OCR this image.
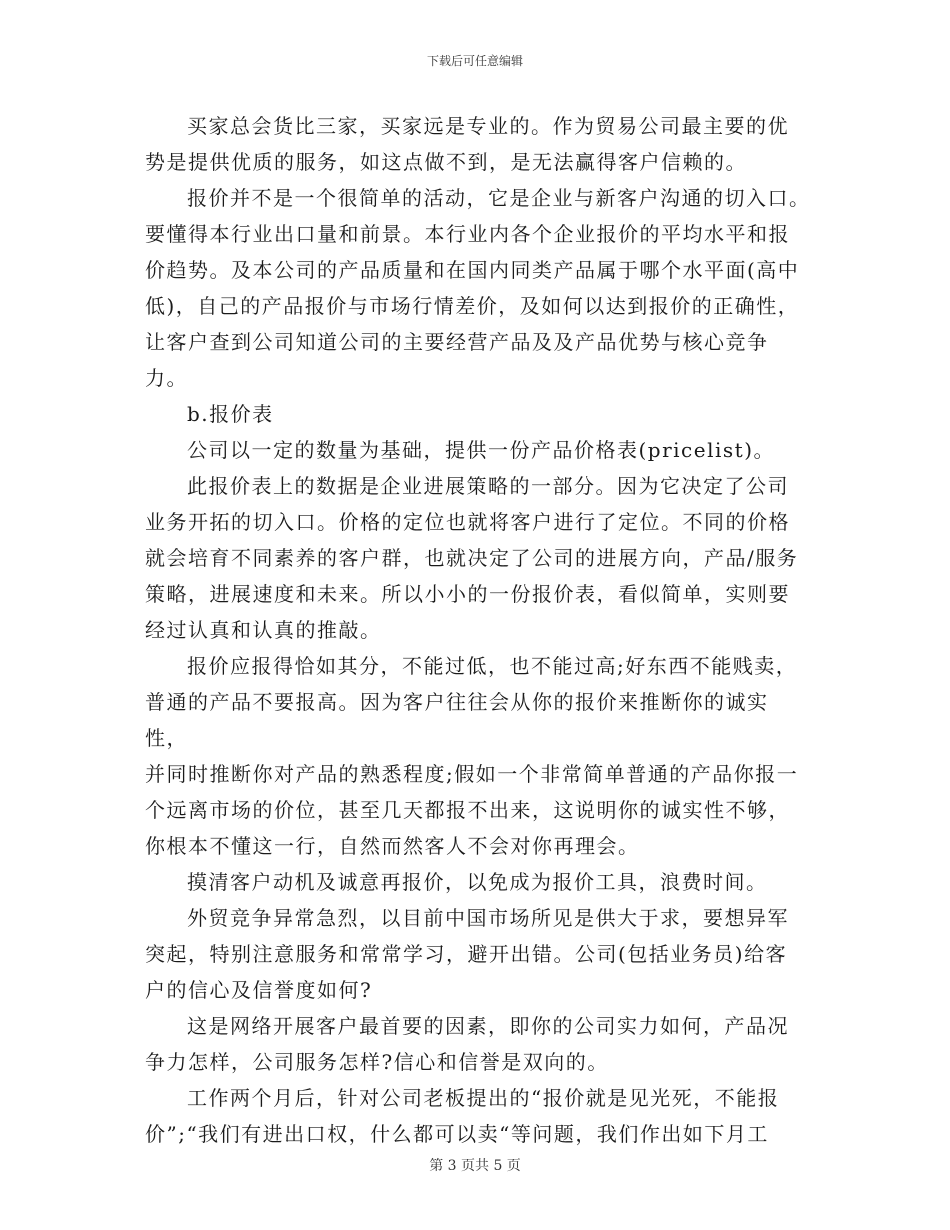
下载后可任意编辑

买家总会货比三家，买家远是专业的。作为贸易公司最主要的优

势是提供优质的服务，如这点做不到，是无法赢得客户信赖的。

报价并不是一个很简单的活动，它是企业与新客户沟通的切入口。

要懂得本行业出口量和前景。本行业内各个企业报价的平均水平和报

价趋势。及本公司的产品质量和在国内同类产品属于哪个水平面(高中

低)，自己的产品报价与市场行情差价，及如何以达到报价的正确性，

让客户查到公司知道公司的主要经营产品及及产品优势与核心竞争力。

b.报价表

公司以一定的数量为基础，提供一份产品价格表(pricelist)。

此报价表上的数据是企业进展策略的一部分。因为它决定了公司

业务开拓的切入口。价格的定位也就将客户进行了定位。不同的价格

就会培育不同素养的客户群，也就决定了公司的进展方向，产品/服务

策略，进展速度和未来。所以小小的一份报价表，看似简单，实则要

经过认真和认真的推敲。

报价应报得恰如其分，不能过低，也不能过高;好东西不能贱卖，

普通的产品不要报高。因为客户往往会从你的报价来推断你的诚实性，

并同时推断你对产品的熟悉程度;假如一个非常简单普通的产品你报一

个远离市场的价位，甚至几天都报不出来，这说明你的诚实性不够，

你根本不懂这一行，自然而然客人不会对你再理会。

摸清客户动机及诚意再报价，以免成为报价工具，浪费时间。

外贸竞争异常急烈，以目前中国市场所见是供大于求，要想异军

突起，特别注意服务和常常学习，避开出错。公司(包括业务员)给客

户的信心及信誉度如何?

这是网络开展客户最首要的因素，即你的公司实力如何，产品况

争力怎样，公司服务怎样?信心和信誉是双向的。

工作两个月后，针对公司老板提出的“报价就是见光死，不能报

价”;“我们有进出口权，什么都可以卖“等问题，我们作出如下月工

第 3 页共 5 页
